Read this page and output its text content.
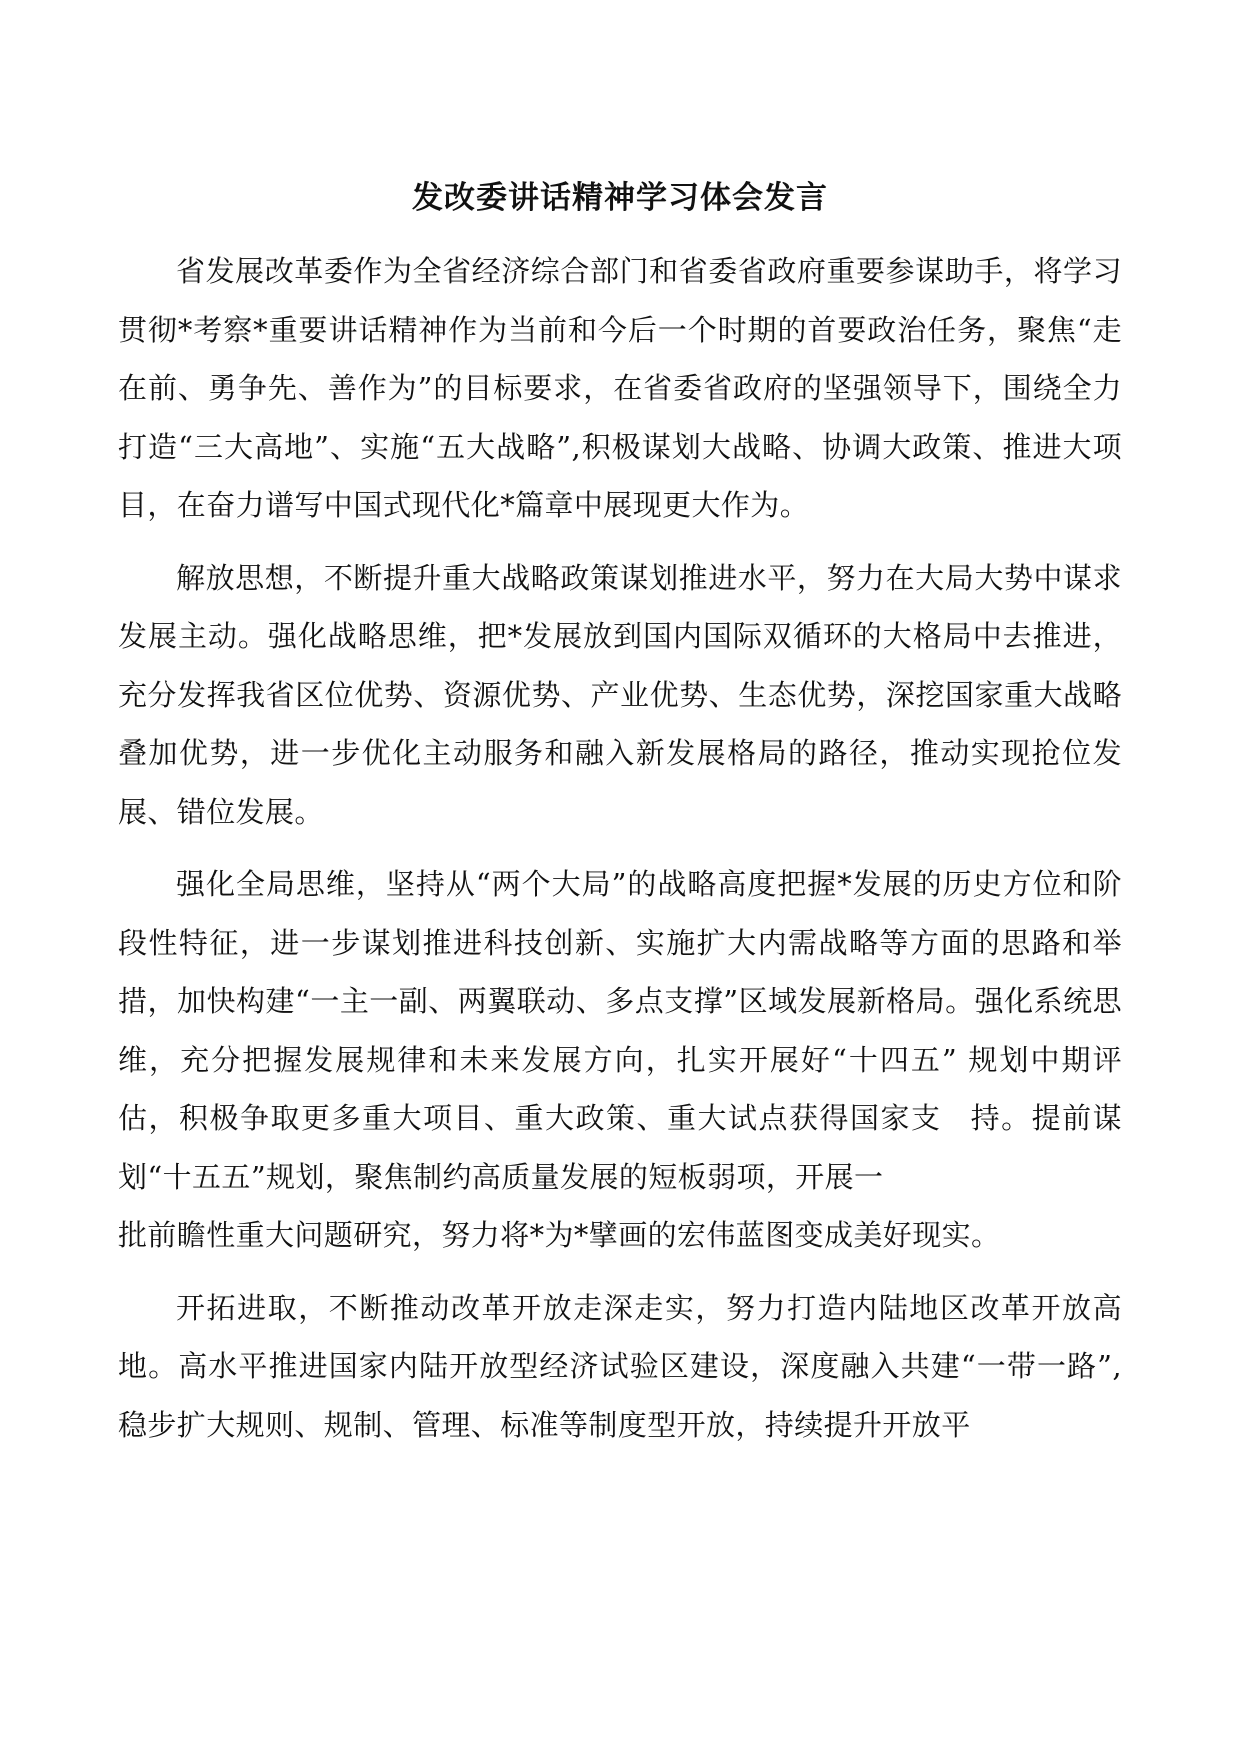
发改委讲话精神学习体会发言

省发展改革委作为全省经济综合部门和省委省政府重要参谋助手，将学习贯彻*考察*重要讲话精神作为当前和今后一个时期的首要政治任务，聚焦“走在前、勇争先、善作为”的目标要求，在省委省政府的坚强领导下，围绕全力打造“三大高地”、实施“五大战略”,积极谋划大战略、协调大政策、推进大项目，在奋力谱写中国式现代化*篇章中展现更大作为。

解放思想，不断提升重大战略政策谋划推进水平，努力在大局大势中谋求发展主动。强化战略思维，把*发展放到国内国际双循环的大格局中去推进，充分发挥我省区位优势、资源优势、产业优势、生态优势，深挖国家重大战略叠加优势，进一步优化主动服务和融入新发展格局的路径，推动实现抢位发展、错位发展。

强化全局思维，坚持从“两个大局”的战略高度把握*发展的历史方位和阶段性特征，进一步谋划推进科技创新、实施扩大内需战略等方面的思路和举措，加快构建“一主一副、两翼联动、多点支撑”区域发展新格局。强化系统思维，充分把握发展规律和未来发展方向，扎实开展好“十四五” 规划中期评估，积极争取更多重大项目、重大政策、重大试点获得国家支 持。提前谋划“十五五”规划，聚焦制约高质量发展的短板弱项，开展一

批前瞻性重大问题研究，努力将*为*擘画的宏伟蓝图变成美好现实。

开拓进取，不断推动改革开放走深走实，努力打造内陆地区改革开放高地。高水平推进国家内陆开放型经济试验区建设，深度融入共建“一带一路”,稳步扩大规则、规制、管理、标准等制度型开放，持续提升开放平
